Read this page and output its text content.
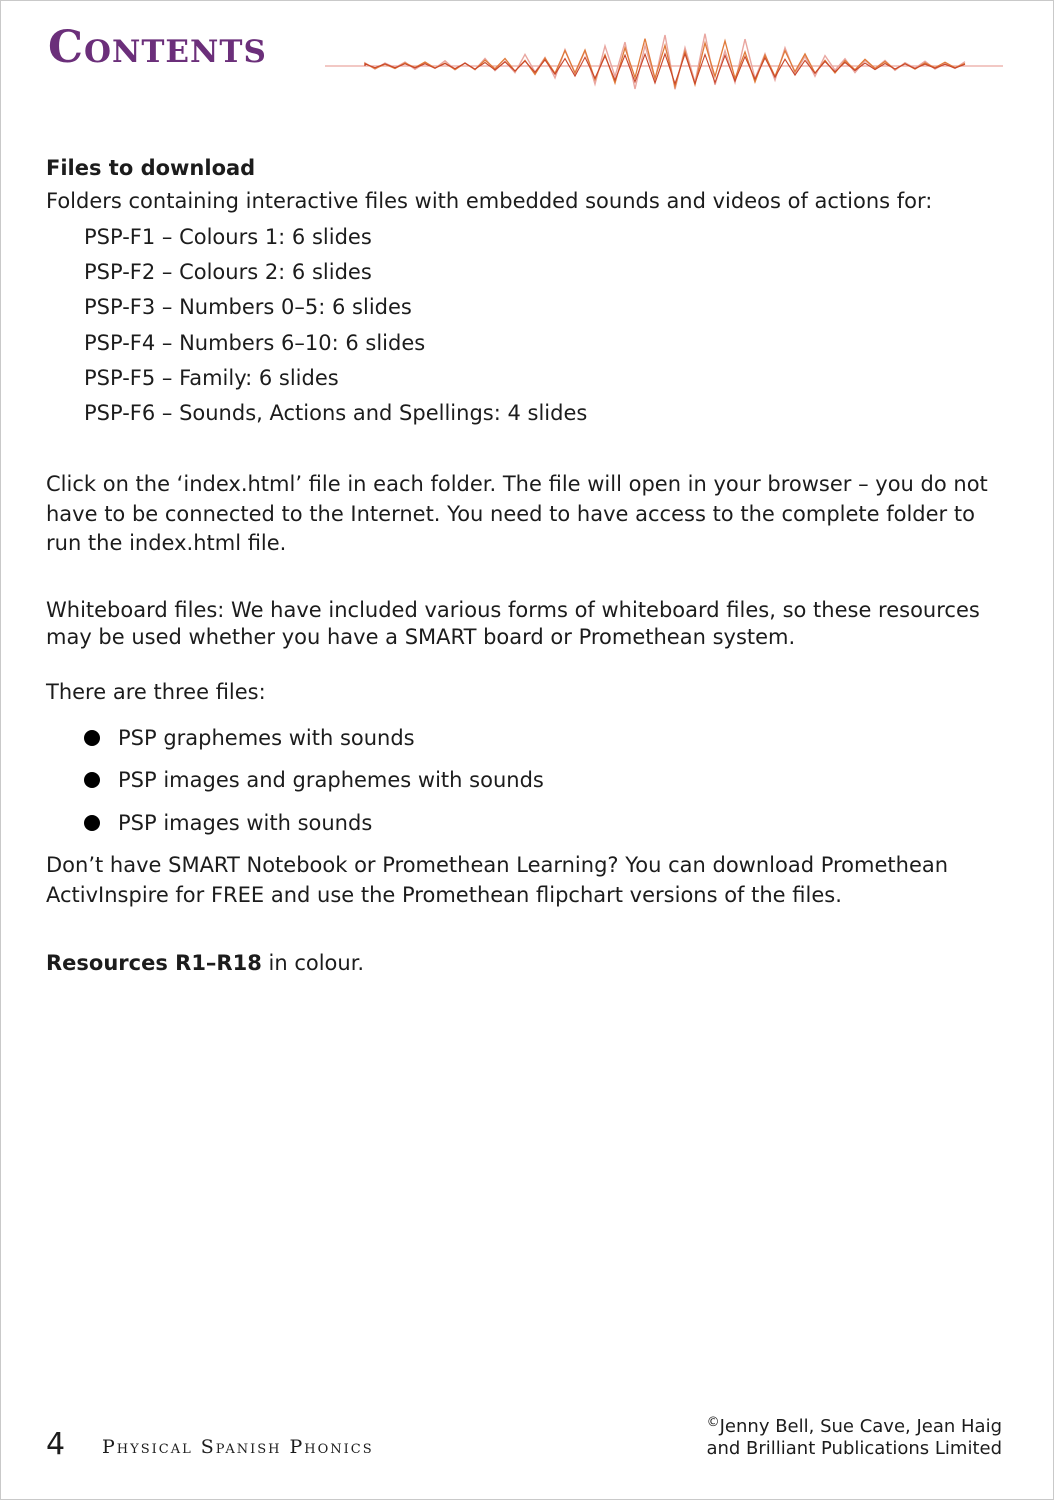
Contents
Files to download

Folders containing interactive files with embedded sounds and videos of actions for:

PSP-F1 – Colours 1: 6 slides
PSP-F2 – Colours 2: 6 slides
PSP-F3 – Numbers 0–5: 6 slides
PSP-F4 – Numbers 6–10: 6 slides
PSP-F5 – Family: 6 slides
PSP-F6 – Sounds, Actions and Spellings: 4 slides

Click on the ‘index.html’ file in each folder. The file will open in your browser – you do not have to be connected to the Internet. You need to have access to the complete folder to run the index.html file.

Whiteboard files: We have included various forms of whiteboard files, so these resources may be used whether you have a SMART board or Promethean system.

There are three files:

PSP graphemes with sounds
PSP images and graphemes with sounds
PSP images with sounds

Don’t have SMART Notebook or Promethean Learning? You can download Promethean ActivInspire for FREE and use the Promethean flipchart versions of the files.

Resources R1–R18 in colour.

4 Physical Spanish Phonics
©Jenny Bell, Sue Cave, Jean Haig
and Brilliant Publications Limited
